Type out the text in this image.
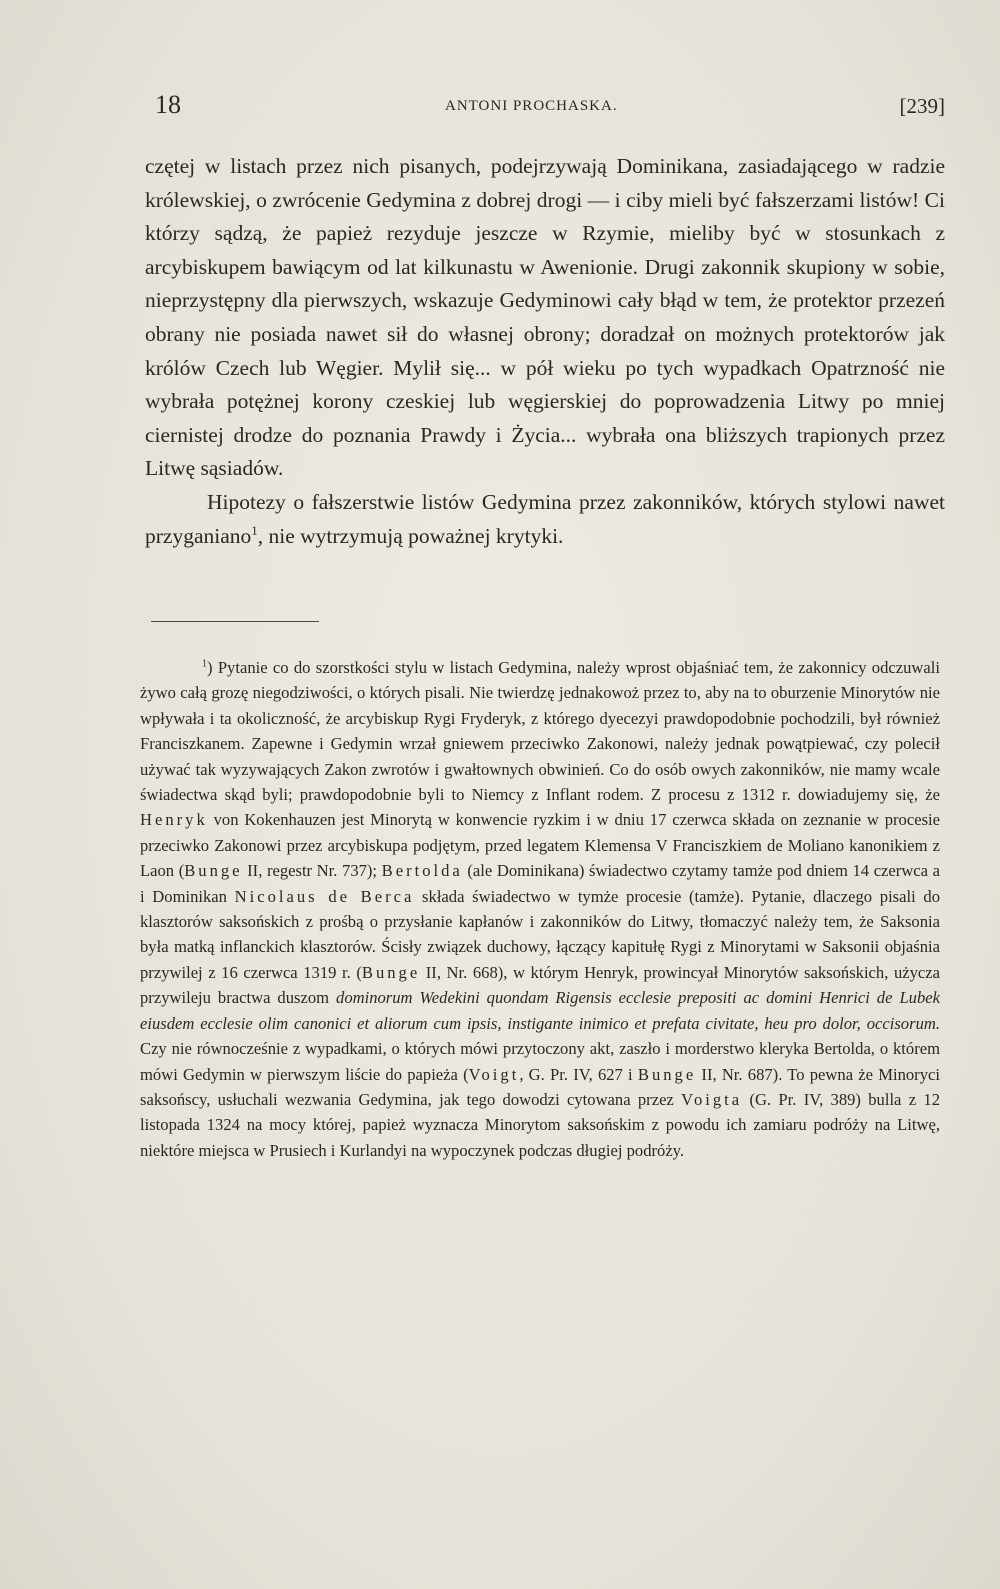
18	ANTONI PROCHASKA.	[239]

czętej w listach przez nich pisanych, podejrzywają Dominikana, zasiadającego w radzie królewskiej, o zwrócenie Gedymina z dobrej drogi — i ciby mieli być fałszerzami listów! Ci którzy sądzą, że papież rezyduje jeszcze w Rzymie, mieliby być w stosunkach z arcybiskupem bawiącym od lat kilkunastu w Awenionie. Drugi zakonnik skupiony w sobie, nieprzystępny dla pierwszych, wskazuje Gedyminowi cały błąd w tem, że protektor przezeń obrany nie posiada nawet sił do własnej obrony; doradzał on możnych protektorów jak królów Czech lub Węgier. Mylił się... w pół wieku po tych wypadkach Opatrzność nie wybrała potężnej korony czeskiej lub węgierskiej do poprowadzenia Litwy po mniej ciernistej drodze do poznania Prawdy i Życia... wybrała ona bliższych trapionych przez Litwę sąsiadów.

Hipotezy o fałszerstwie listów Gedymina przez zakonników, których stylowi nawet przyganiano$^1$, nie wytrzymują poważnej krytyki.

$^1$) Pytanie co do szorstkości stylu w listach Gedymina, należy wprost objaśniać tem, że zakonnicy odczuwali żywo całą grozę niegodziwości, o których pisali. Nie twierdzę jednakowoż przez to, aby na to oburzenie Minorytów nie wpływała i ta okoliczność, że arcybiskup Rygi Fryderyk, z którego dyecezyi prawdopodobnie pochodzili, był również Franciszkanem. Zapewne i Gedymin wrzał gniewem przeciwko Zakonowi, należy jednak powątpiewać, czy polecił używać tak wyzywających Zakon zwrotów i gwałtownych obwinień. Co do osób owych zakonników, nie mamy wcale świadectwa skąd byli; prawdopodobnie byli to Niemcy z Inflant rodem. Z procesu z 1312 r. dowiadujemy się, że Henryk von Kokenhauzen jest Minorytą w konwencie ryzkim i w dniu 17 czerwca składa on zeznanie w procesie przeciwko Zakonowi przez arcybiskupa podjętym, przed legatem Klemensa V Franciszkiem de Moliano kanonikiem z Laon (Bunge II, regestr Nr. 737); Bertolda (ale Dominikana) świadectwo czytamy tamże pod dniem 14 czerwca a i Dominikan Nicolaus de Berca składa świadectwo w tymże procesie (tamże). Pytanie, dlaczego pisali do klasztorów saksońskich z prośbą o przysłanie kapłanów i zakonników do Litwy, tłomaczyć należy tem, że Saksonia była matką inflanckich klasztorów. Ścisły związek duchowy, łączący kapitułę Rygi z Minorytami w Saksonii objaśnia przywilej z 16 czerwca 1319 r. (Bunge II, Nr. 668), w którym Henryk, prowincyał Minorytów saksońskich, użycza przywileju bractwa duszom dominorum Wedekini quondam Rigensis ecclesie prepositi ac domini Henrici de Lubek eiusdem ecclesie olim canonici et aliorum cum ipsis, instigante inimico et prefata civitate, heu pro dolor, occisorum. Czy nie równocześnie z wypadkami, o których mówi przytoczony akt, zaszło i morderstwo kleryka Bertolda, o którem mówi Gedymin w pierwszym liście do papieża (Voigt, G. Pr. IV, 627 i Bunge II, Nr. 687). To pewna że Minoryci saksońscy, usłuchali wezwania Gedymina, jak tego dowodzi cytowana przez Voigta (G. Pr. IV, 389) bulla z 12 listopada 1324 na mocy której, papież wyznacza Minorytom saksońskim z powodu ich zamiaru podróży na Litwę, niektóre miejsca w Prusiech i Kurlandyi na wypoczynek podczas długiej podróży.
